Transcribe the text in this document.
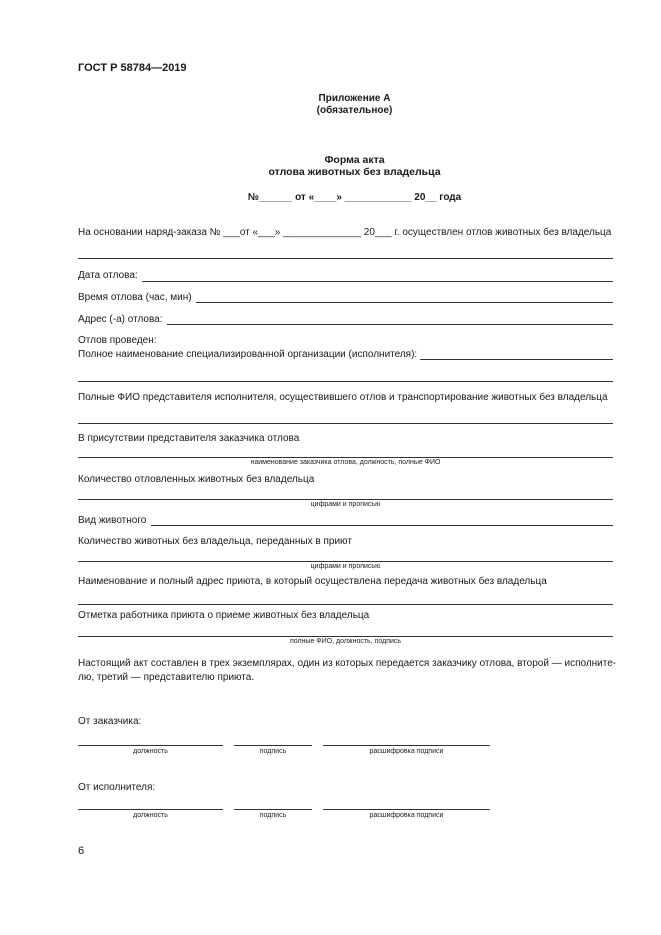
ГОСТ Р 58784—2019
Приложение А
(обязательное)
Форма акта
отлова животных без владельца
№______ от «____» ____________ 20__ года
На основании наряд-заказа № ___от «___» ______________ 20___ г. осуществлен отлов животных без владельца
Дата отлова:
Время отлова (час, мин)
Адрес (-а) отлова:
Отлов проведен:
Полное наименование специализированной организации (исполнителя):
Полные ФИО представителя исполнителя, осуществившего отлов и транспортирование животных без владельца
В присутствии представителя заказчика отлова
наименование заказчика отлова, должность, полные ФИО
Количество отловленных животных без владельца
цифрами и прописью
Вид животного
Количество животных без владельца, переданных в приют
цифрами и прописью
Наименование и полный адрес приюта, в который осуществлена передача животных без владельца
Отметка работника приюта о приеме животных без владельца
полные ФИО, должность, подпись
Настоящий акт составлен в трех экземплярах, один из которых передается заказчику отлова, второй — исполните-
лю, третий — представителю приюта.
От заказчика:
должность	подпись	расшифровка подписи
От исполнителя:
должность	подпись	расшифровка подписи
6
